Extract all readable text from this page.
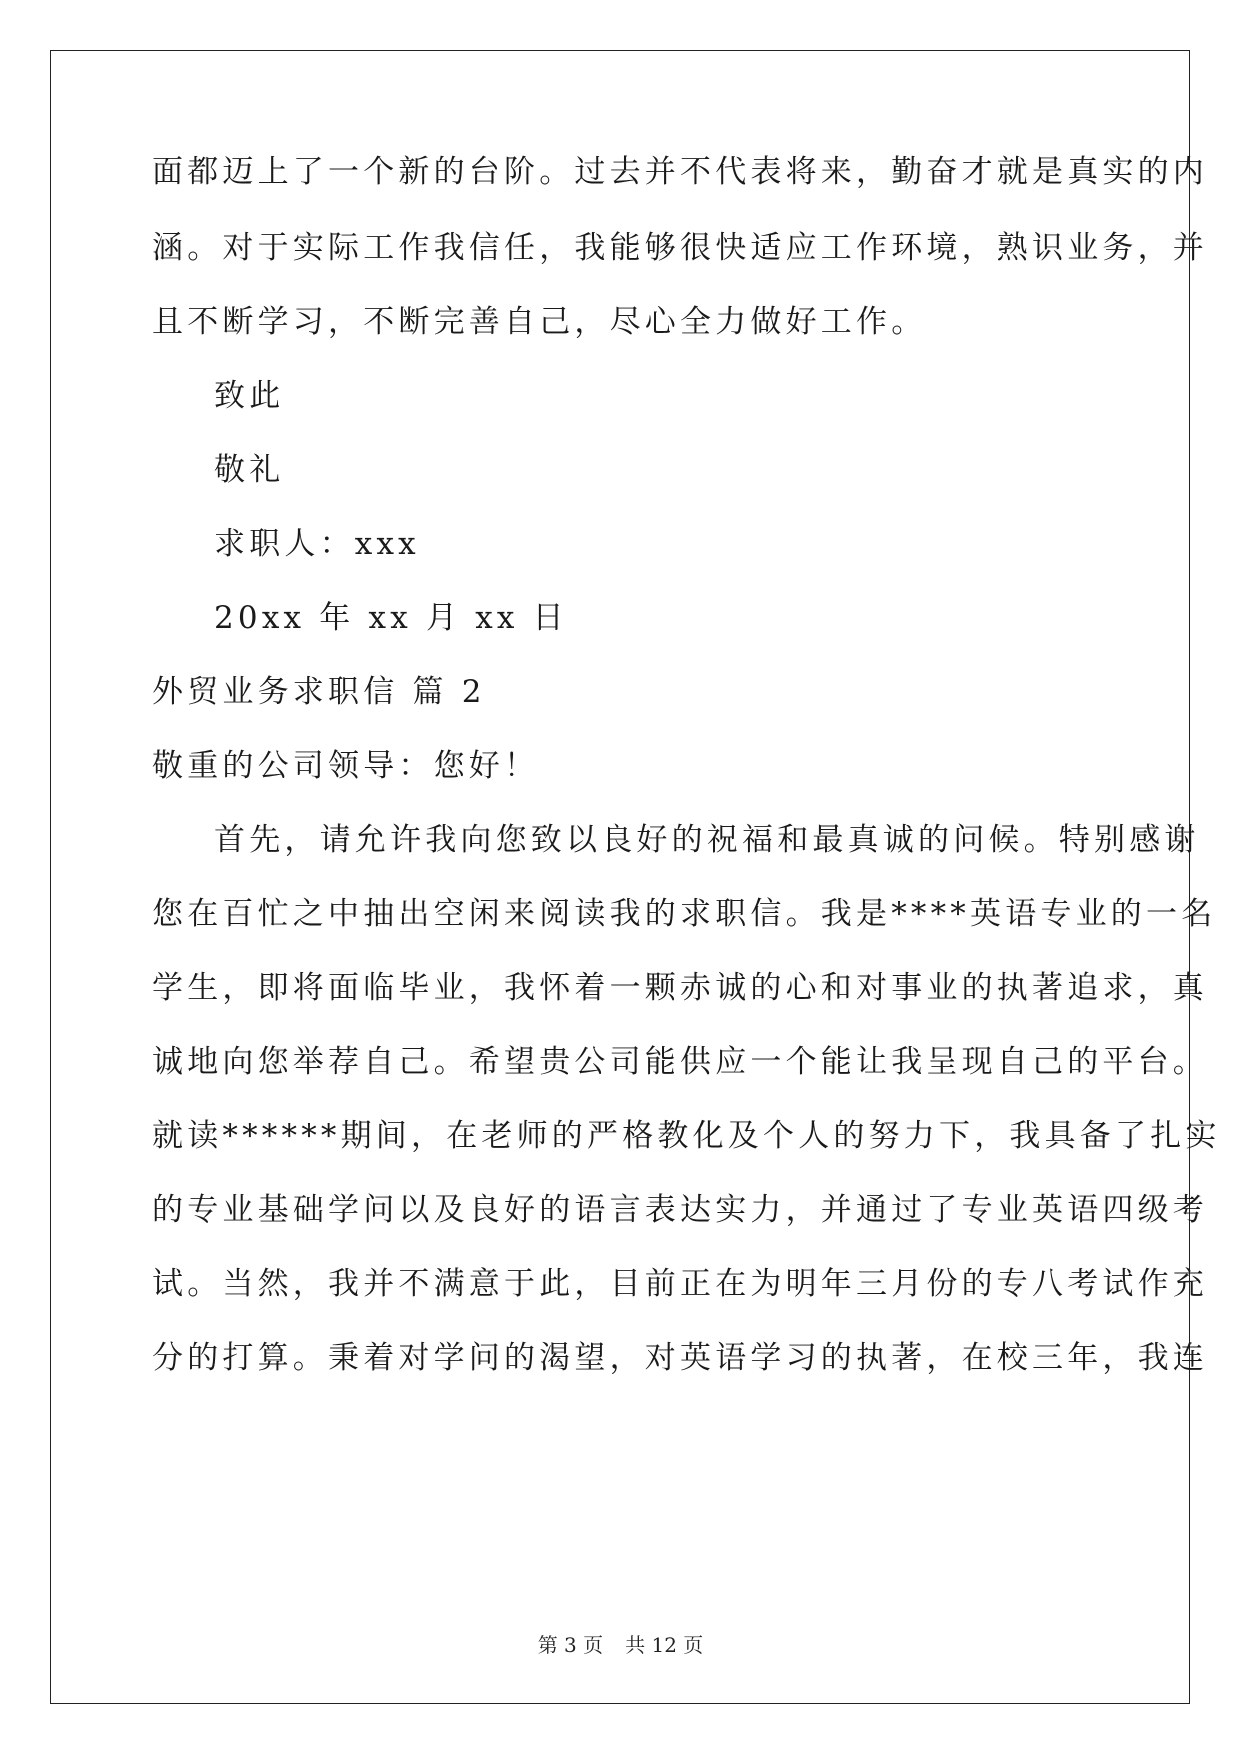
面都迈上了一个新的台阶。过去并不代表将来，勤奋才就是真实的内
涵。对于实际工作我信任，我能够很快适应工作环境，熟识业务，并
且不断学习，不断完善自己，尽心全力做好工作。
致此
敬礼
求职人：xxx
20xx 年 xx 月 xx 日
外贸业务求职信 篇 2
敬重的公司领导：您好！
首先，请允许我向您致以良好的祝福和最真诚的问候。特别感谢
您在百忙之中抽出空闲来阅读我的求职信。我是****英语专业的一名
学生，即将面临毕业，我怀着一颗赤诚的心和对事业的执著追求，真
诚地向您举荐自己。希望贵公司能供应一个能让我呈现自己的平台。
就读******期间，在老师的严格教化及个人的努力下，我具备了扎实
的专业基础学问以及良好的语言表达实力，并通过了专业英语四级考
试。当然，我并不满意于此，目前正在为明年三月份的专八考试作充
分的打算。秉着对学问的渴望，对英语学习的执著，在校三年，我连
第 3 页 共 12 页
